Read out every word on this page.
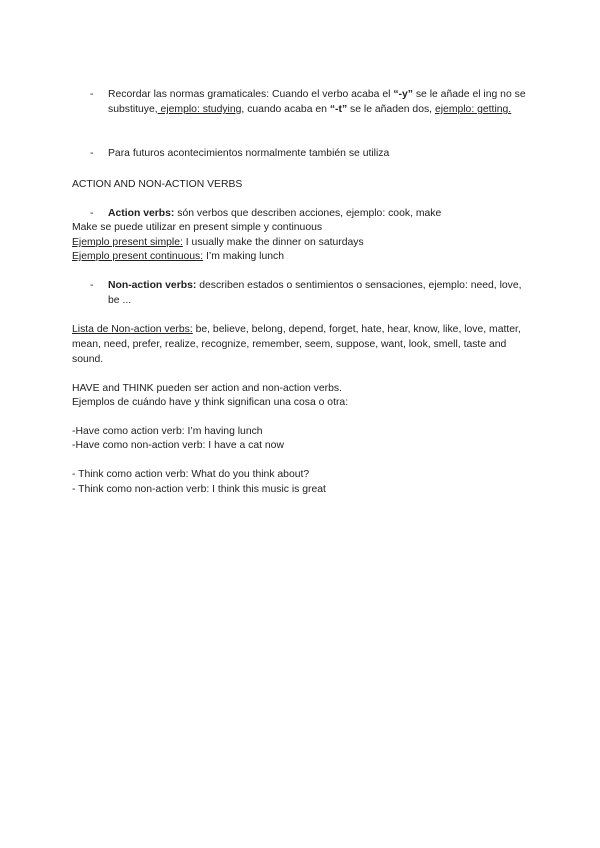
-	Recordar las normas gramaticales: Cuando el verbo acaba el “-y” se le añade el ing no se substituye, ejemplo: studying, cuando acaba en “-t” se le añaden dos, ejemplo: getting.

-	Para futuros acontecimientos normalmente también se utiliza

ACTION AND NON-ACTION VERBS

-	Action verbs: són verbos que describen acciones, ejemplo: cook, make

Make se puede utilizar en present simple y continuous

Ejemplo present simple: I usually make the dinner on saturdays

Ejemplo present continuous: I’m making lunch

-	Non-action verbs: describen estados o sentimientos o sensaciones, ejemplo: need, love, be ...

Lista de Non-action verbs: be, believe, belong, depend, forget, hate, hear, know, like, love, matter, mean, need, prefer, realize, recognize, remember, seem, suppose, want, look, smell, taste and sound.

HAVE and THINK pueden ser action and non-action verbs.

Ejemplos de cuándo have y think significan una cosa o otra:

-Have como action verb: I’m having lunch

-Have como non-action verb: I have a cat now

- Think como action verb: What do you think about?

- Think como non-action verb: I think this music is great
